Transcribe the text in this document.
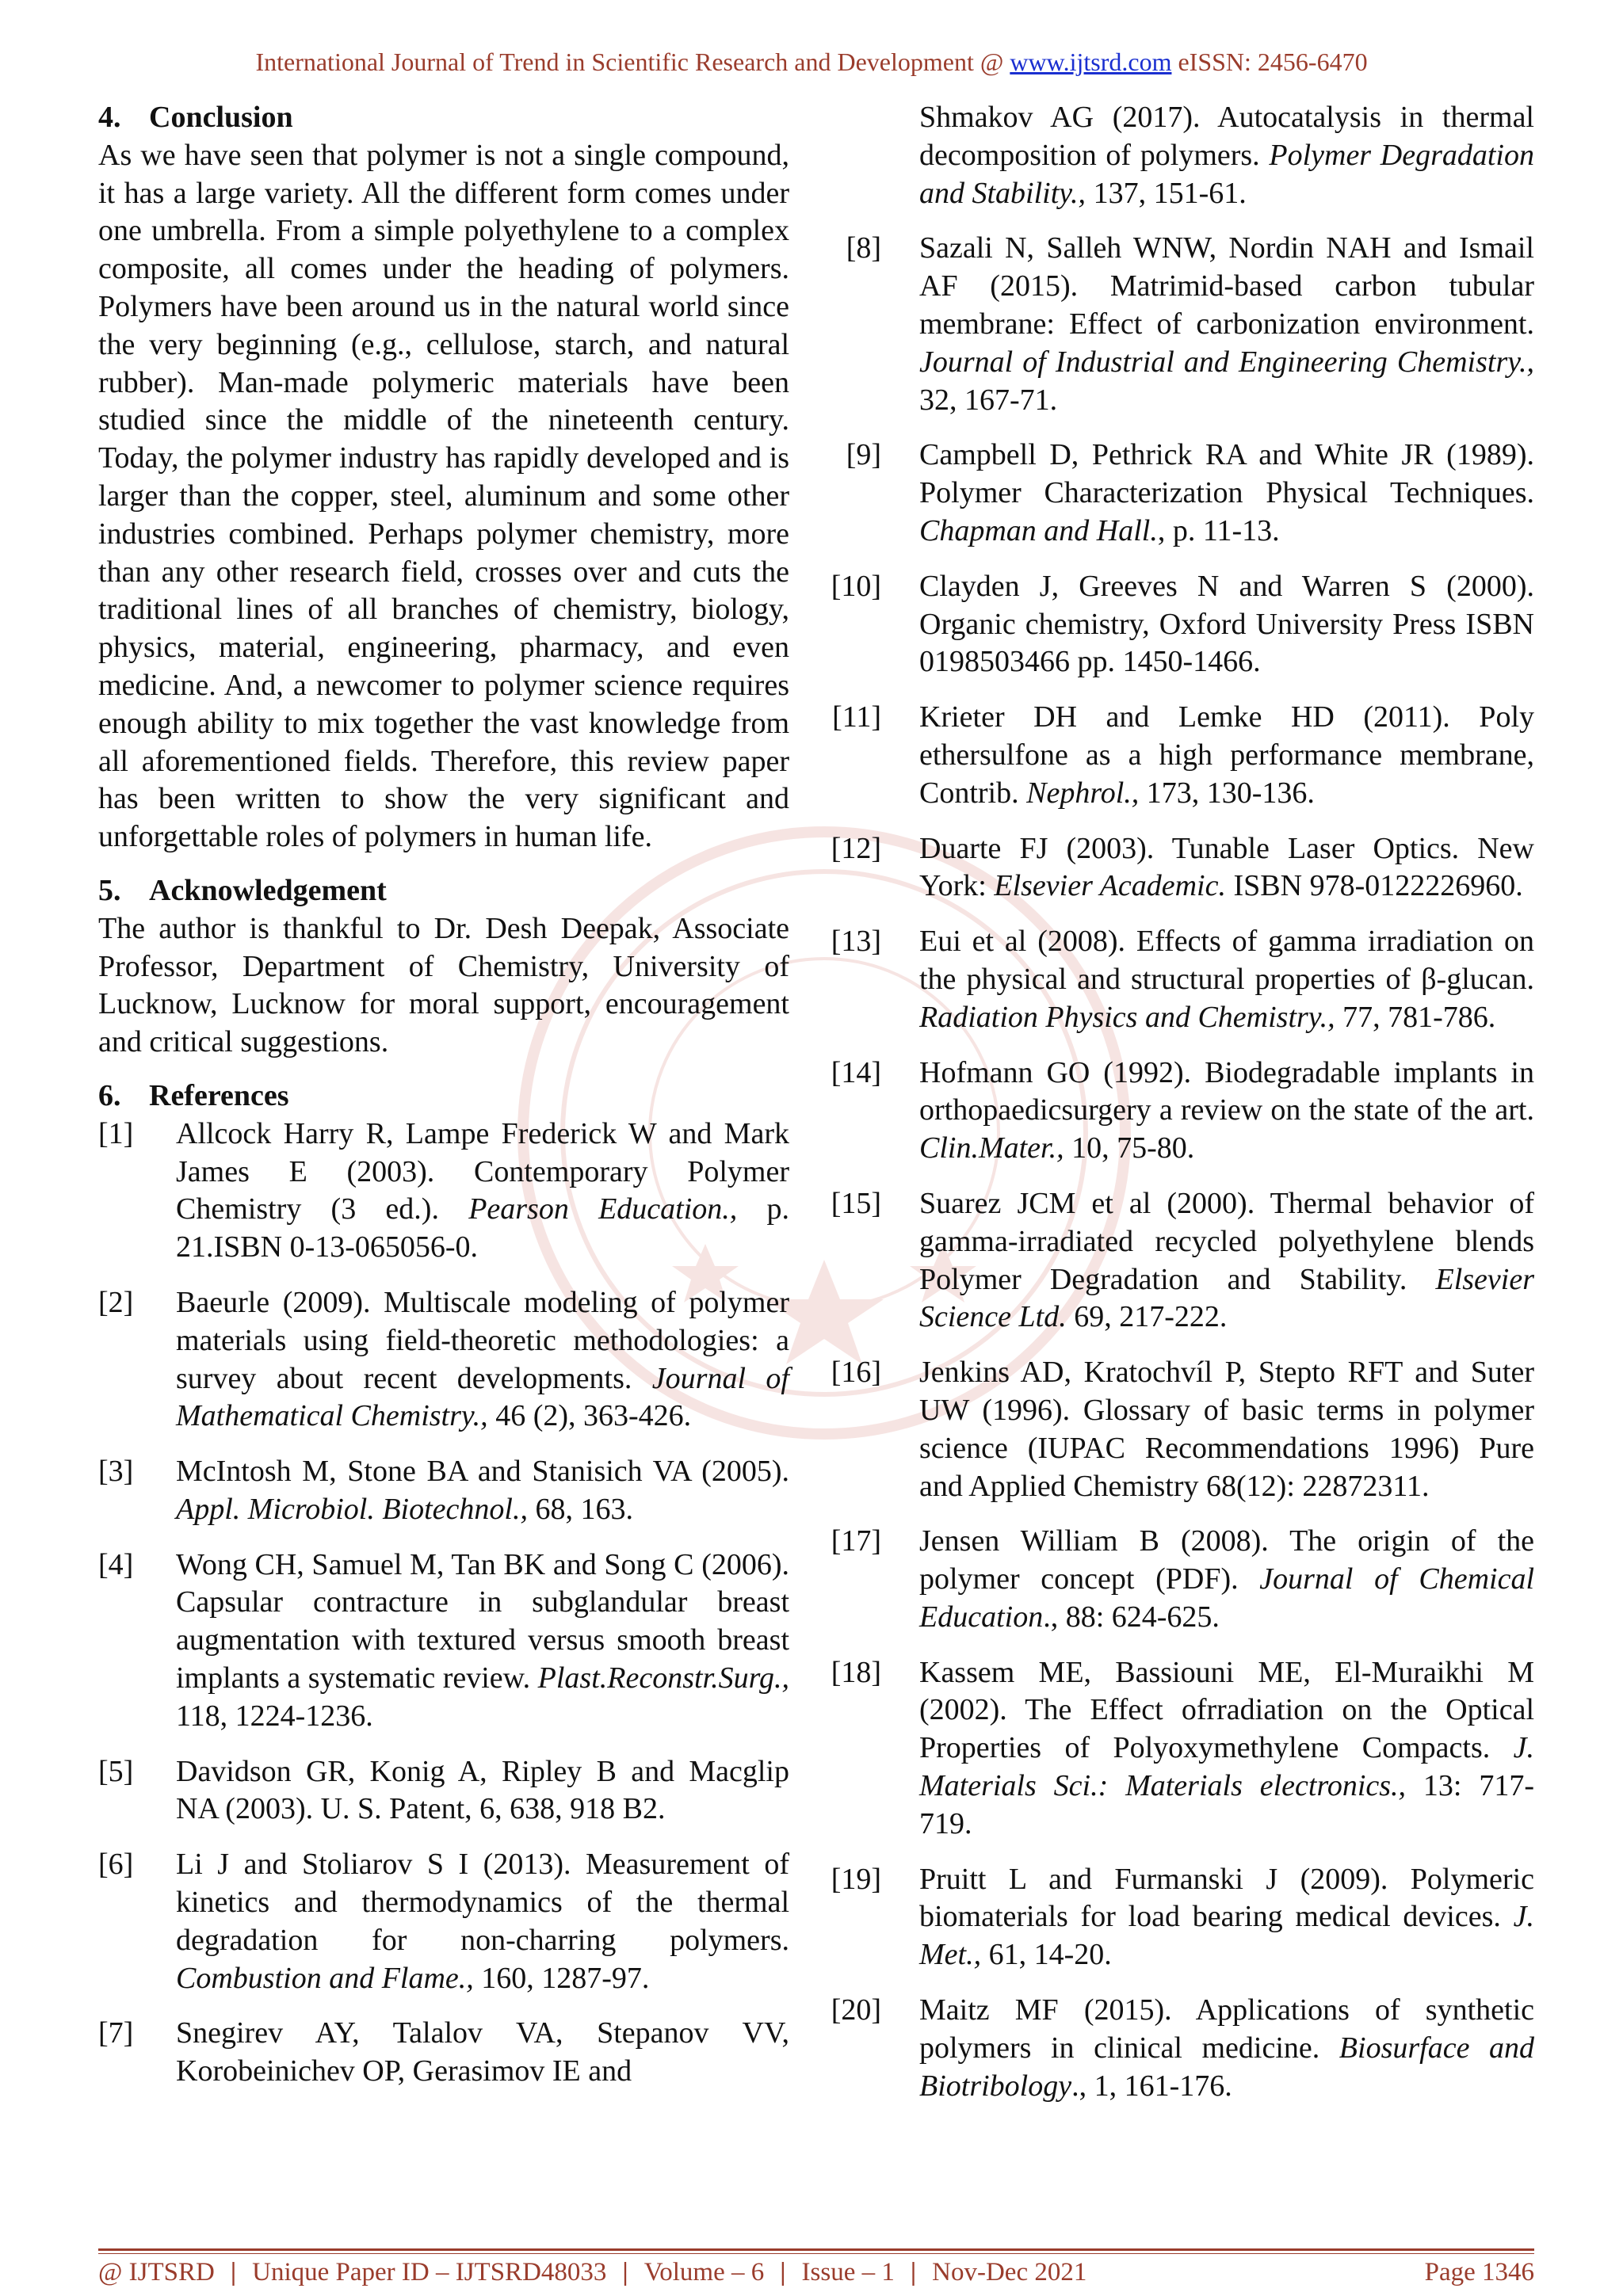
International Journal of Trend in Scientific Research and Development @ www.ijtsrd.com eISSN: 2456-6470
4. Conclusion

As we have seen that polymer is not a single compound, it has a large variety. All the different form comes under one umbrella. From a simple polyethylene to a complex composite, all comes under the heading of polymers. Polymers have been around us in the natural world since the very beginning (e.g., cellulose, starch, and natural rubber). Man-made polymeric materials have been studied since the middle of the nineteenth century. Today, the polymer industry has rapidly developed and is larger than the copper, steel, aluminum and some other industries combined. Perhaps polymer chemistry, more than any other research field, crosses over and cuts the traditional lines of all branches of chemistry, biology, physics, material, engineering, pharmacy, and even medicine. And, a newcomer to polymer science requires enough ability to mix together the vast knowledge from all aforementioned fields. Therefore, this review paper has been written to show the very significant and unforgettable roles of polymers in human life.

5. Acknowledgement

The author is thankful to Dr. Desh Deepak, Associate Professor, Department of Chemistry, University of Lucknow, Lucknow for moral support, encouragement and critical suggestions.

6. References
[1]	Allcock Harry R, Lampe Frederick W and Mark James E (2003). Contemporary Polymer Chemistry (3 ed.). Pearson Education., p. 21.ISBN 0-13-065056-0.
[2]	Baeurle (2009). Multiscale modeling of polymer materials using field-theoretic methodologies: a survey about recent developments. Journal of Mathematical Chemistry., 46 (2), 363-426.
[3]	McIntosh M, Stone BA and Stanisich VA (2005). Appl. Microbiol. Biotechnol., 68, 163.
[4]	Wong CH, Samuel M, Tan BK and Song C (2006). Capsular contracture in subglandular breast augmentation with textured versus smooth breast implants a systematic review. Plast.Reconstr.Surg., 118, 1224-1236.
[5]	Davidson GR, Konig A, Ripley B and Macglip NA (2003). U. S. Patent, 6, 638, 918 B2.
[6]	Li J and Stoliarov S I (2013). Measurement of kinetics and thermodynamics of the thermal degradation for non-charring polymers. Combustion and Flame., 160, 1287-97.
[7]	Snegirev AY, Talalov VA, Stepanov VV, Korobeinichev OP, Gerasimov IE and
Shmakov AG (2017). Autocatalysis in thermal decomposition of polymers. Polymer Degradation and Stability., 137, 151-61.
[8]	Sazali N, Salleh WNW, Nordin NAH and Ismail AF (2015). Matrimid-based carbon tubular membrane: Effect of carbonization environment. Journal of Industrial and Engineering Chemistry., 32, 167-71.
[9]	Campbell D, Pethrick RA and White JR (1989). Polymer Characterization Physical Techniques. Chapman and Hall., p. 11-13.
[10]	Clayden J, Greeves N and Warren S (2000). Organic chemistry, Oxford University Press ISBN 0198503466 pp. 1450-1466.
[11]	Krieter DH and Lemke HD (2011). Poly ethersulfone as a high performance membrane, Contrib. Nephrol., 173, 130-136.
[12]	Duarte FJ (2003). Tunable Laser Optics. New York: Elsevier Academic. ISBN 978-0122226960.
[13]	Eui et al (2008). Effects of gamma irradiation on the physical and structural properties of β-glucan. Radiation Physics and Chemistry., 77, 781-786.
[14]	Hofmann GO (1992). Biodegradable implants in orthopaedicsurgery a review on the state of the art. Clin.Mater., 10, 75-80.
[15]	Suarez JCM et al (2000). Thermal behavior of gamma-irradiated recycled polyethylene blends Polymer Degradation and Stability. Elsevier Science Ltd. 69, 217-222.
[16]	Jenkins AD, Kratochvíl P, Stepto RFT and Suter UW (1996). Glossary of basic terms in polymer science (IUPAC Recommendations 1996) Pure and Applied Chemistry 68(12): 22872311.
[17]	Jensen William B (2008). The origin of the polymer concept (PDF). Journal of Chemical Education., 88: 624-625.
[18]	Kassem ME, Bassiouni ME, El-Muraikhi M (2002). The Effect ofrradiation on the Optical Properties of Polyoxymethylene Compacts. J. Materials Sci.: Materials electronics., 13: 717-719.
[19]	Pruitt L and Furmanski J (2009). Polymeric biomaterials for load bearing medical devices. J. Met., 61, 14-20.
[20]	Maitz MF (2015). Applications of synthetic polymers in clinical medicine. Biosurface and Biotribology., 1, 161-176.
@ IJTSRD | Unique Paper ID – IJTSRD48033 | Volume – 6 | Issue – 1 | Nov-Dec 2021	Page 1346
